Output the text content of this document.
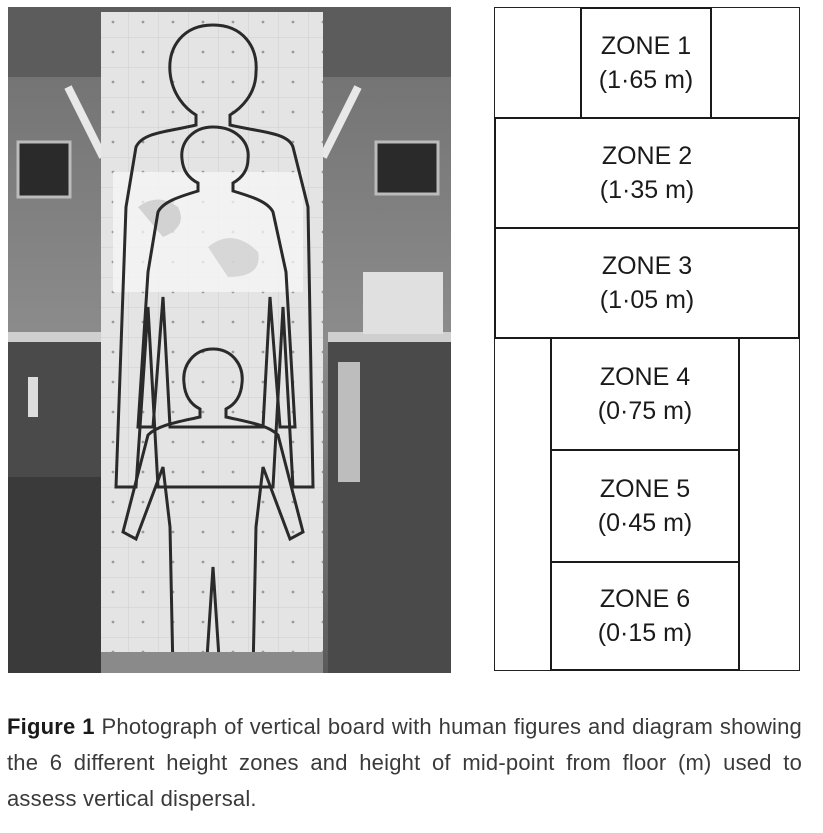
ZONE 1
(1·65 m)
ZONE 2
(1·35 m)
ZONE 3
(1·05 m)
ZONE 4
(0·75 m)
ZONE 5
(0·45 m)
ZONE 6
(0·15 m)

Figure 1 Photograph of vertical board with human figures and diagram showing the 6 different height zones and height of mid-point from floor (m) used to assess vertical dispersal.
